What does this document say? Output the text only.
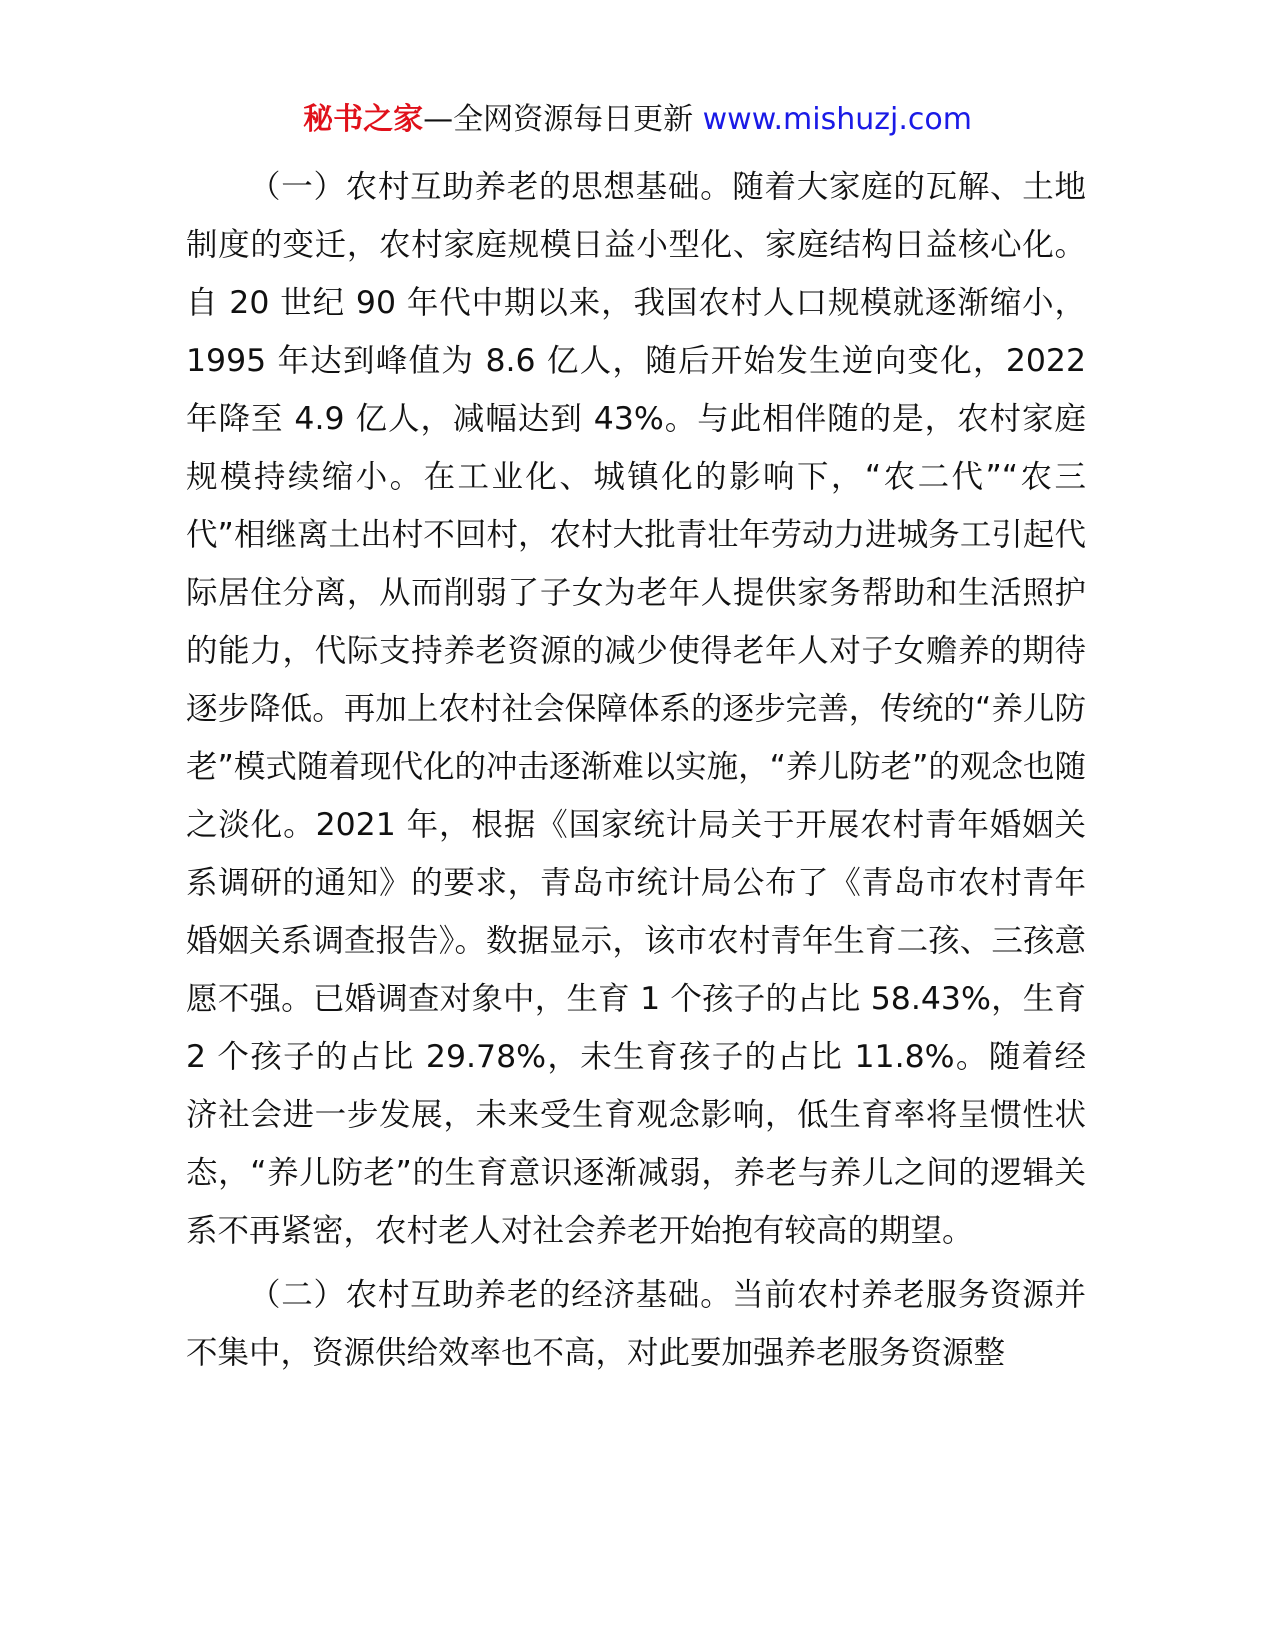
秘书之家—全网资源每日更新 www.mishuzj.com

（一）农村互助养老的思想基础。随着大家庭的瓦解、土地制度的变迁，农村家庭规模日益小型化、家庭结构日益核心化。自 20 世纪 90 年代中期以来，我国农村人口规模就逐渐缩小，1995 年达到峰值为 8.6 亿人，随后开始发生逆向变化，2022 年降至 4.9 亿人，减幅达到 43%。与此相伴随的是，农村家庭规模持续缩小。在工业化、城镇化的影响下，“农二代”“农三代”相继离土出村不回村，农村大批青壮年劳动力进城务工引起代际居住分离，从而削弱了子女为老年人提供家务帮助和生活照护的能力，代际支持养老资源的减少使得老年人对子女赡养的期待逐步降低。再加上农村社会保障体系的逐步完善，传统的“养儿防老”模式随着现代化的冲击逐渐难以实施，“养儿防老”的观念也随之淡化。2021 年，根据《国家统计局关于开展农村青年婚姻关系调研的通知》的要求，青岛市统计局公布了《青岛市农村青年婚姻关系调查报告》。数据显示，该市农村青年生育二孩、三孩意愿不强。已婚调查对象中，生育 1 个孩子的占比 58.43%，生育 2 个孩子的占比 29.78%，未生育孩子的占比 11.8%。随着经济社会进一步发展，未来受生育观念影响，低生育率将呈惯性状态，“养儿防老”的生育意识逐渐减弱，养老与养儿之间的逻辑关系不再紧密，农村老人对社会养老开始抱有较高的期望。

（二）农村互助养老的经济基础。当前农村养老服务资源并不集中，资源供给效率也不高，对此要加强养老服务资源整
